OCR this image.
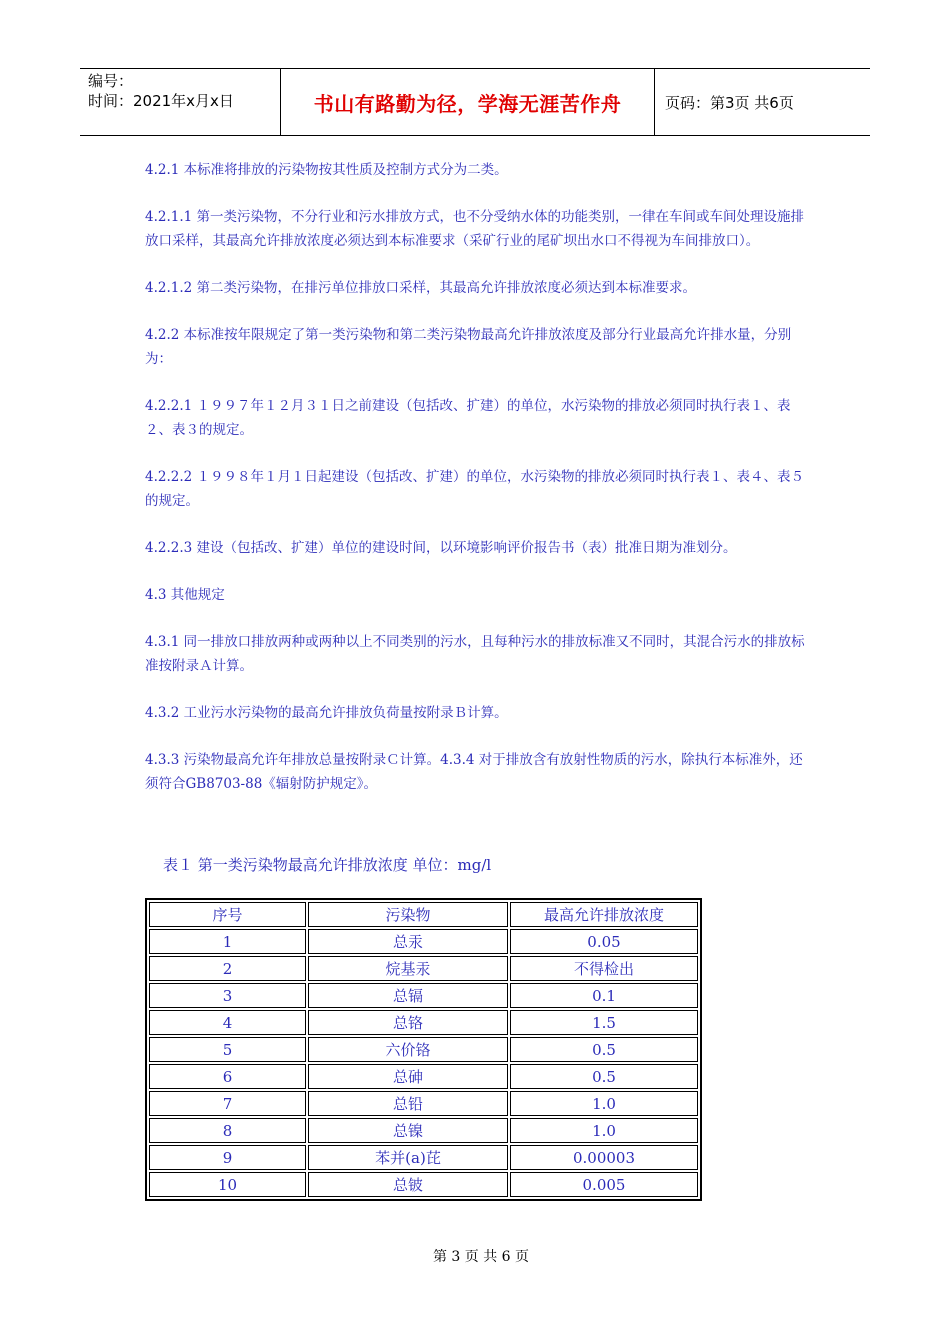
编号：
时间：2021年x月x日	书山有路勤为径，学海无涯苦作舟	页码：第3页 共6页

4.2.1 本标准将排放的污染物按其性质及控制方式分为二类。

4.2.1.1 第一类污染物，不分行业和污水排放方式，也不分受纳水体的功能类别，一律在车间或车间处理设施排放口采样，其最高允许排放浓度必须达到本标准要求（采矿行业的尾矿坝出水口不得视为车间排放口）。

4.2.1.2 第二类污染物，在排污单位排放口采样，其最高允许排放浓度必须达到本标准要求。

4.2.2 本标准按年限规定了第一类污染物和第二类污染物最高允许排放浓度及部分行业最高允许排水量，分别为：

4.2.2.1 １９９７年１２月３１日之前建设（包括改、扩建）的单位，水污染物的排放必须同时执行表１、表２、表３的规定。

4.2.2.2 １９９８年１月１日起建设（包括改、扩建）的单位，水污染物的排放必须同时执行表１、表４、表５的规定。

4.2.2.3 建设（包括改、扩建）单位的建设时间，以环境影响评价报告书（表）批准日期为准划分。

4.3 其他规定

4.3.1 同一排放口排放两种或两种以上不同类别的污水，且每种污水的排放标准又不同时，其混合污水的排放标准按附录Ａ计算。

4.3.2 工业污水污染物的最高允许排放负荷量按附录Ｂ计算。

4.3.3 污染物最高允许年排放总量按附录Ｃ计算。4.3.4 对于排放含有放射性物质的污水，除执行本标准外，还须符合GB8703-88《辐射防护规定》。

表１ 第一类污染物最高允许排放浓度 单位：mg/l
序号	污染物	最高允许排放浓度
1	总汞	0.05
2	烷基汞	不得检出
3	总镉	0.1
4	总铬	1.5
5	六价铬	0.5
6	总砷	0.5
7	总铅	1.0
8	总镍	1.0
9	苯并(a)芘	0.00003
10	总铍	0.005
第 3 页 共 6 页
